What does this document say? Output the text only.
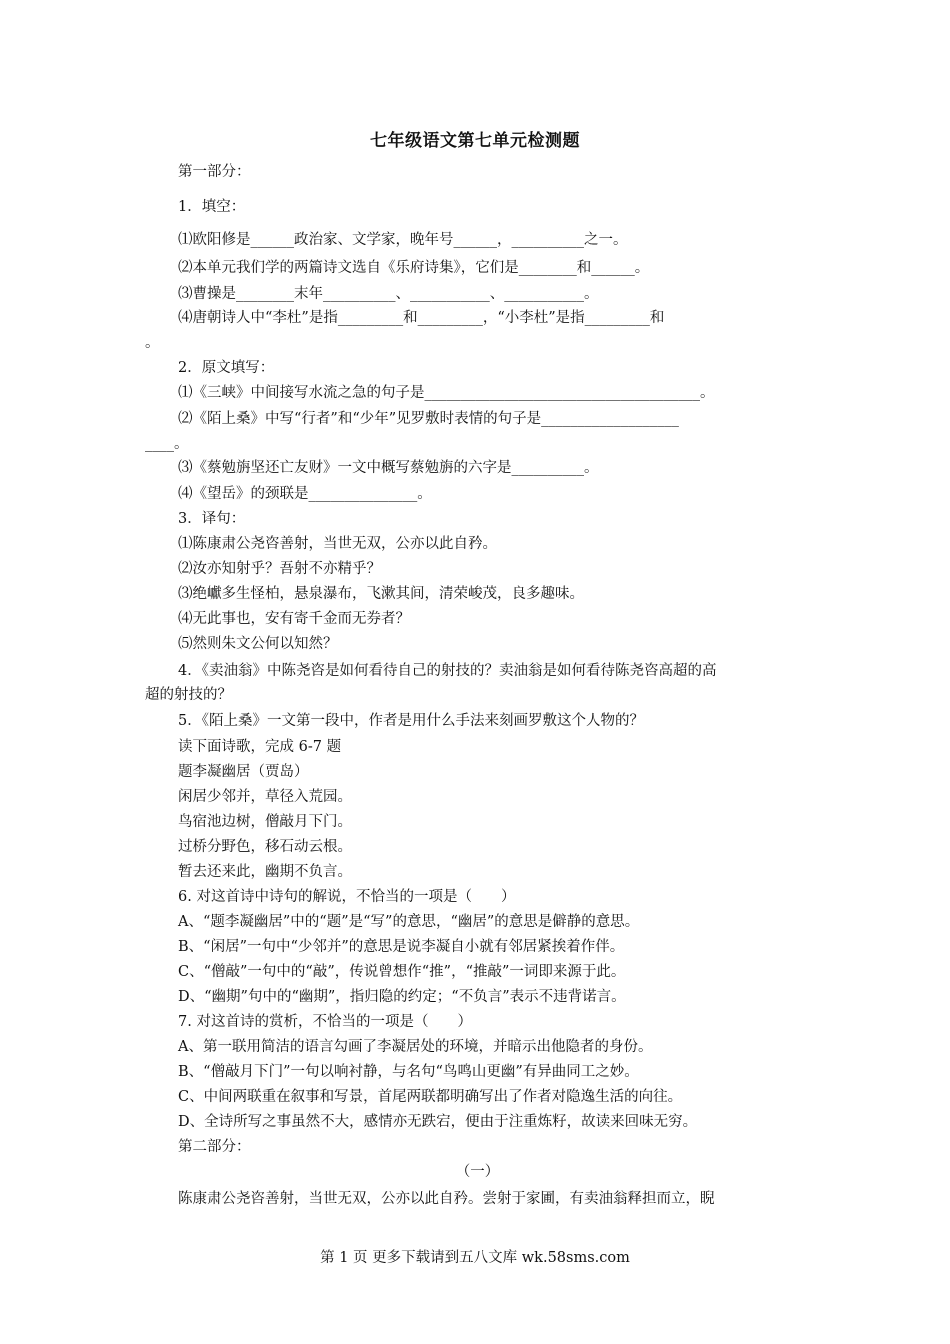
七年级语文第七单元检测题
第一部分：
1．填空：
⑴欧阳修是______政治家、文学家，晚年号______，__________之一。
⑵本单元我们学的两篇诗文选自《乐府诗集》，它们是________和______。
⑶曹操是________末年__________、___________、___________。
⑷唐朝诗人中“李杜”是指_________和_________，“小李杜”是指_________和
。
2．原文填写：
⑴《三峡》中间接写水流之急的句子是______________________________________。
⑵《陌上桑》中写“行者”和“少年”见罗敷时表情的句子是___________________
____。
⑶《蔡勉旃坚还亡友财》一文中概写蔡勉旃的六字是__________。
⑷《望岳》的颈联是_______________。
3．译句：
⑴陈康肃公尧咨善射，当世无双，公亦以此自矜。
⑵汝亦知射乎？吾射不亦精乎？
⑶绝巘多生怪柏，悬泉瀑布，飞漱其间，清荣峻茂，良多趣味。
⑷无此事也，安有寄千金而无券者？
⑸然则朱文公何以知然？
4．《卖油翁》中陈尧咨是如何看待自己的射技的？卖油翁是如何看待陈尧咨高超的高
超的射技的？
5．《陌上桑》一文第一段中，作者是用什么手法来刻画罗敷这个人物的？
读下面诗歌，完成 6-7 题
题李凝幽居（贾岛）
闲居少邻并，草径入荒园。
鸟宿池边树，僧敲月下门。
过桥分野色，移石动云根。
暂去还来此，幽期不负言。
6. 对这首诗中诗句的解说，不恰当的一项是（　　）
A、“题李凝幽居”中的“题”是“写”的意思，“幽居”的意思是僻静的意思。
B、“闲居”一句中“少邻并”的意思是说李凝自小就有邻居紧挨着作伴。
C、“僧敲”一句中的“敲”，传说曾想作“推”，“推敲”一词即来源于此。
D、“幽期”句中的“幽期”，指归隐的约定；“不负言”表示不违背诺言。
7. 对这首诗的赏析，不恰当的一项是（　　）
A、第一联用简洁的语言勾画了李凝居处的环境，并暗示出他隐者的身份。
B、“僧敲月下门”一句以响衬静，与名句“鸟鸣山更幽”有异曲同工之妙。
C、中间两联重在叙事和写景，首尾两联都明确写出了作者对隐逸生活的向往。
D、全诗所写之事虽然不大，感情亦无跌宕，便由于注重炼籽，故读来回味无穷。
第二部分：
（一）
陈康肃公尧咨善射，当世无双，公亦以此自矜。尝射于家圃，有卖油翁释担而立，睨
第 1 页 更多下载请到五八文库 wk.58sms.com
